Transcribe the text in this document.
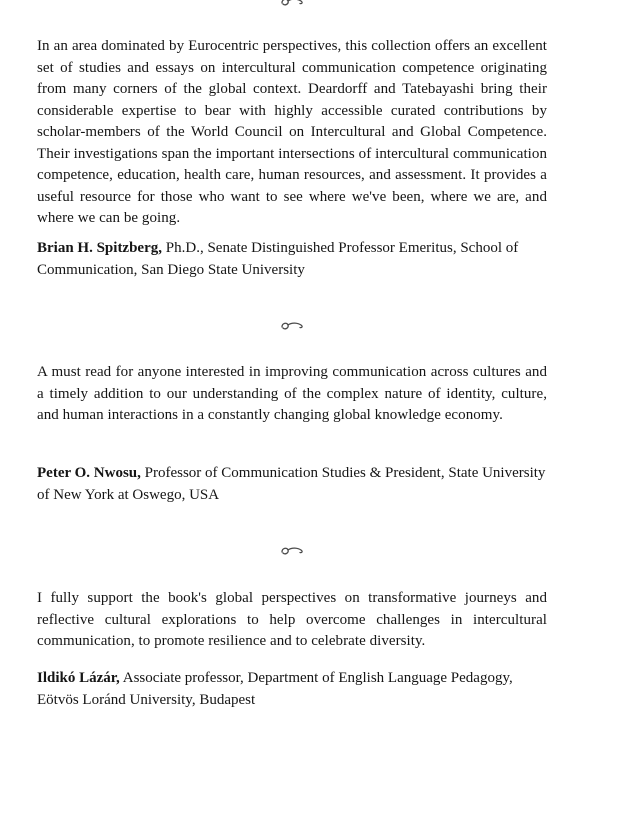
In an area dominated by Eurocentric perspectives, this collection offers an excellent set of studies and essays on intercultural communication competence originating from many corners of the global context. Deardorff and Tatebayashi bring their considerable expertise to bear with highly accessible curated contributions by scholar-members of the World Council on Intercultural and Global Competence. Their investigations span the important intersections of intercultural communication competence, education, health care, human resources, and assessment. It provides a useful resource for those who want to see where we've been, where we are, and where we can be going.

Brian H. Spitzberg, Ph.D., Senate Distinguished Professor Emeritus, School of Communication, San Diego State University

A must read for anyone interested in improving communication across cultures and a timely addition to our understanding of the complex nature of identity, culture, and human interactions in a constantly changing global knowledge economy.

Peter O. Nwosu, Professor of Communication Studies & President, State University of New York at Oswego, USA

I fully support the book's global perspectives on transformative journeys and reflective cultural explorations to help overcome challenges in intercultural communication, to promote resilience and to celebrate diversity.

Ildikó Lázár, Associate professor, Department of English Language Pedagogy, Eötvös Loránd University, Budapest
